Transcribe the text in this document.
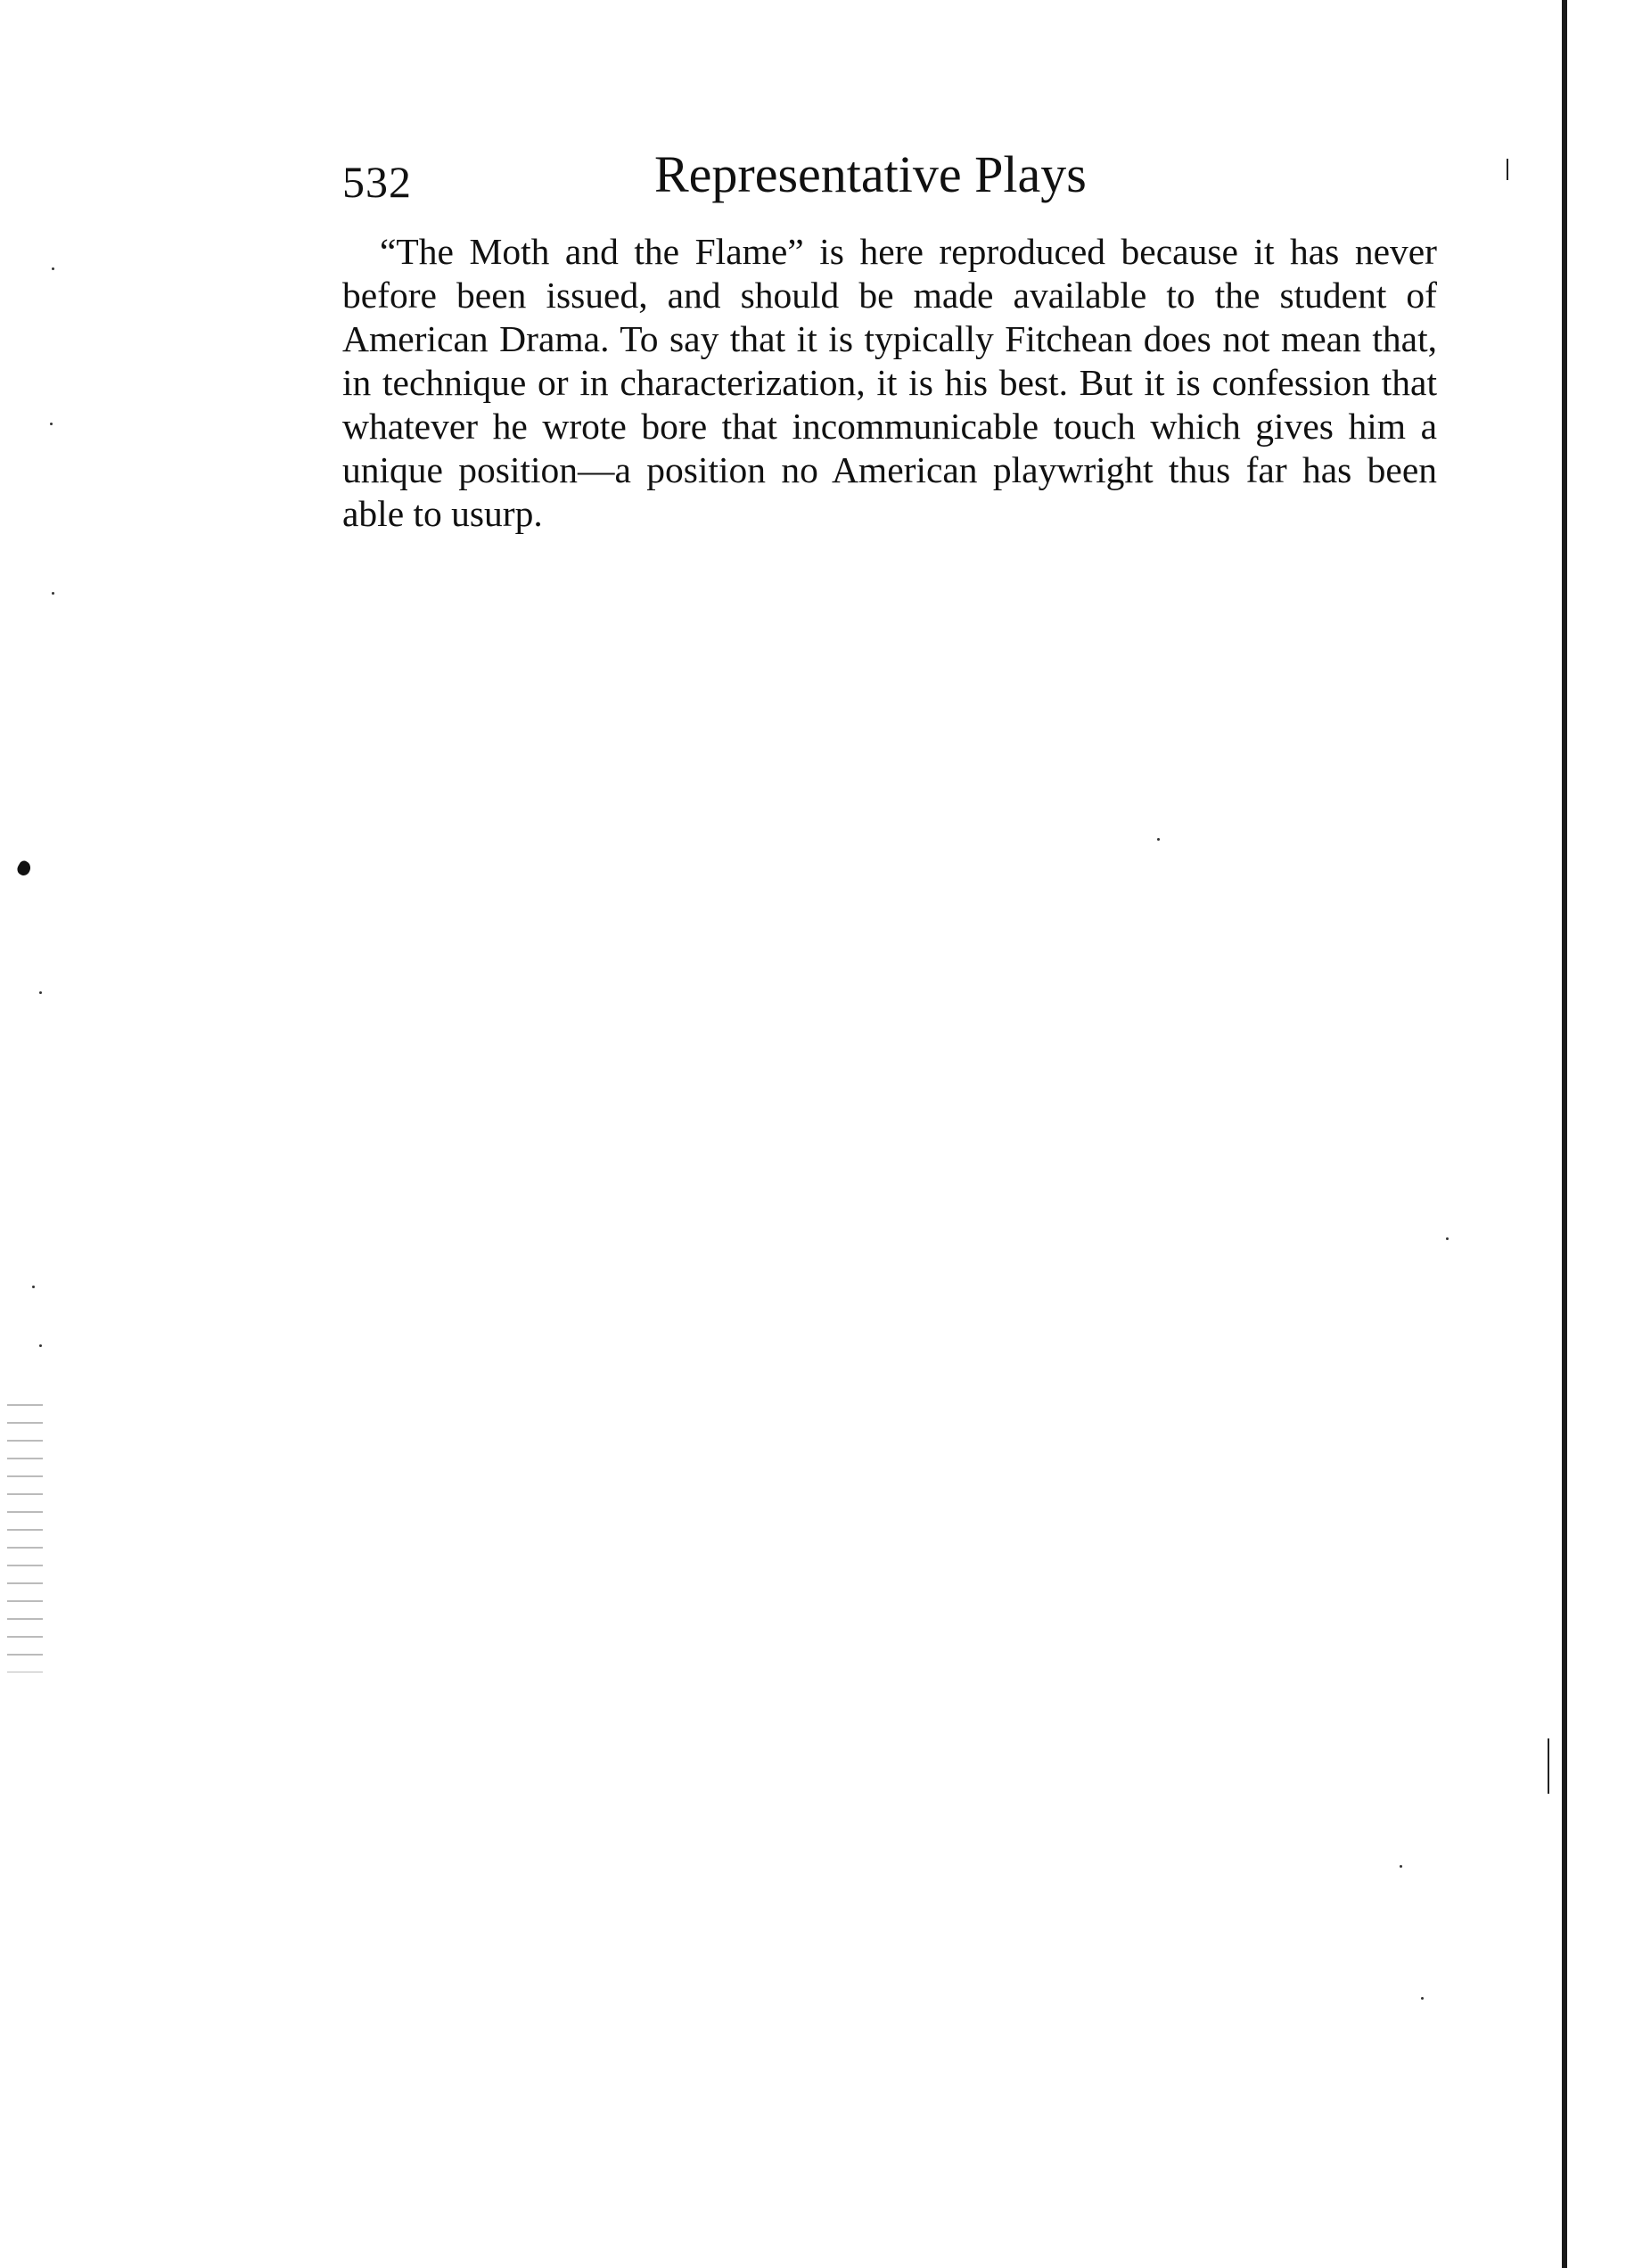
532	Representative Plays

“The Moth and the Flame” is here reproduced because it has never before been issued, and should be made available to the student of American Drama. To say that it is typically Fitchean does not mean that, in technique or in characterization, it is his best. But it is confession that whatever he wrote bore that incommunicable touch which gives him a unique position—a position no American playwright thus far has been able to usurp.
